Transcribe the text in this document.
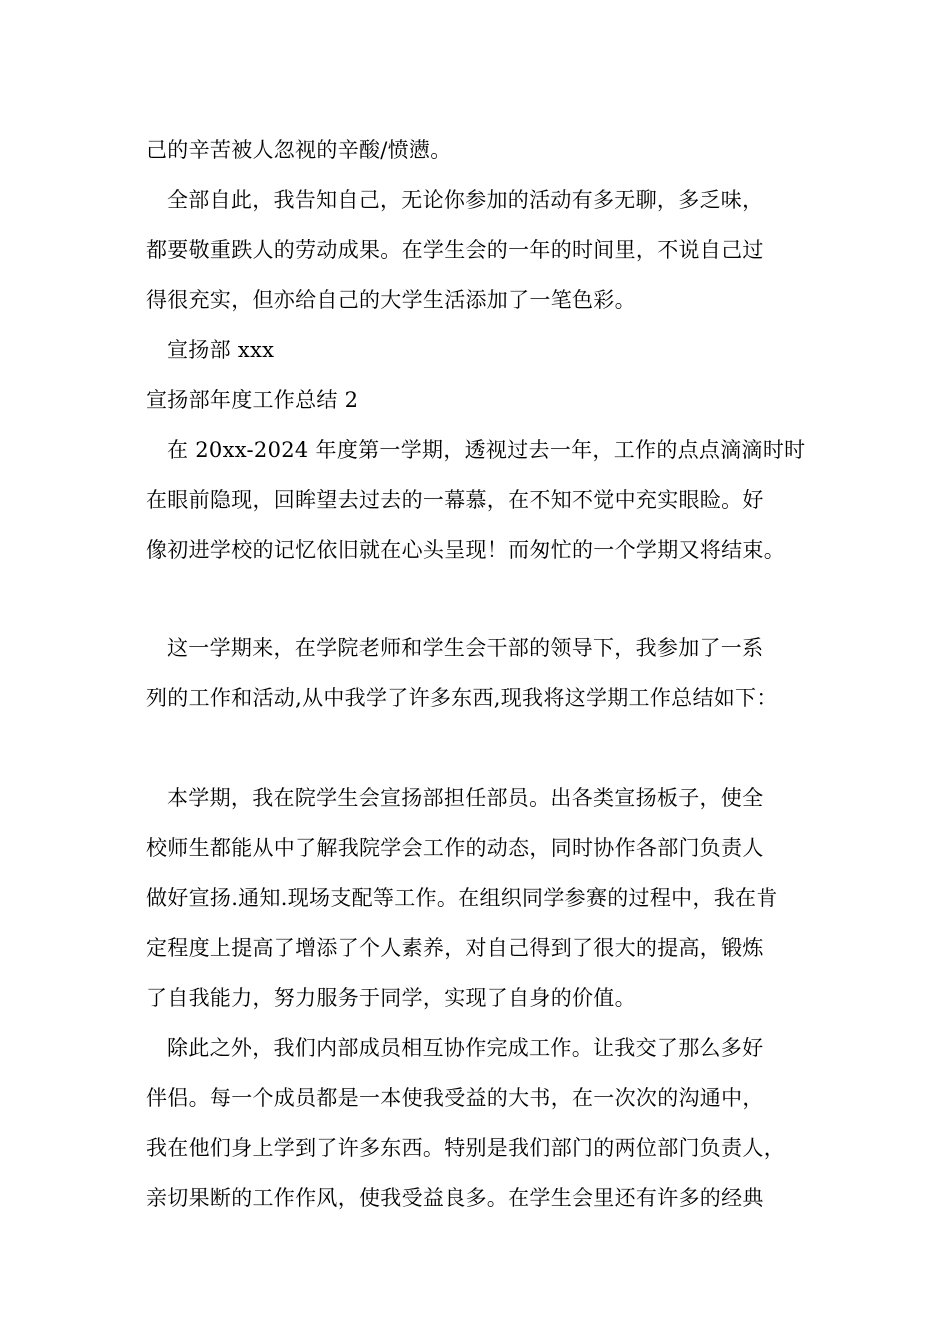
己的辛苦被人忽视的辛酸/愤懑。
全部自此，我告知自己，无论你参加的活动有多无聊，多乏味，
都要敬重跌人的劳动成果。在学生会的一年的时间里，不说自己过
得很充实，但亦给自己的大学生活添加了一笔色彩。
宣扬部 xxx
宣扬部年度工作总结 2
在 20xx-2024 年度第一学期，透视过去一年，工作的点点滴滴时时
在眼前隐现，回眸望去过去的一幕慕，在不知不觉中充实眼睑。好
像初进学校的记忆依旧就在心头呈现！而匆忙的一个学期又将结束。
这一学期来，在学院老师和学生会干部的领导下，我参加了一系
列的工作和活动,从中我学了许多东西,现我将这学期工作总结如下：
本学期，我在院学生会宣扬部担任部员。出各类宣扬板子，使全
校师生都能从中了解我院学会工作的动态，同时协作各部门负责人
做好宣扬.通知.现场支配等工作。在组织同学参赛的过程中，我在肯
定程度上提高了增添了个人素养，对自己得到了很大的提高，锻炼
了自我能力，努力服务于同学，实现了自身的价值。
除此之外，我们内部成员相互协作完成工作。让我交了那么多好
伴侣。每一个成员都是一本使我受益的大书，在一次次的沟通中，
我在他们身上学到了许多东西。特别是我们部门的两位部门负责人，
亲切果断的工作作风，使我受益良多。在学生会里还有许多的经典
